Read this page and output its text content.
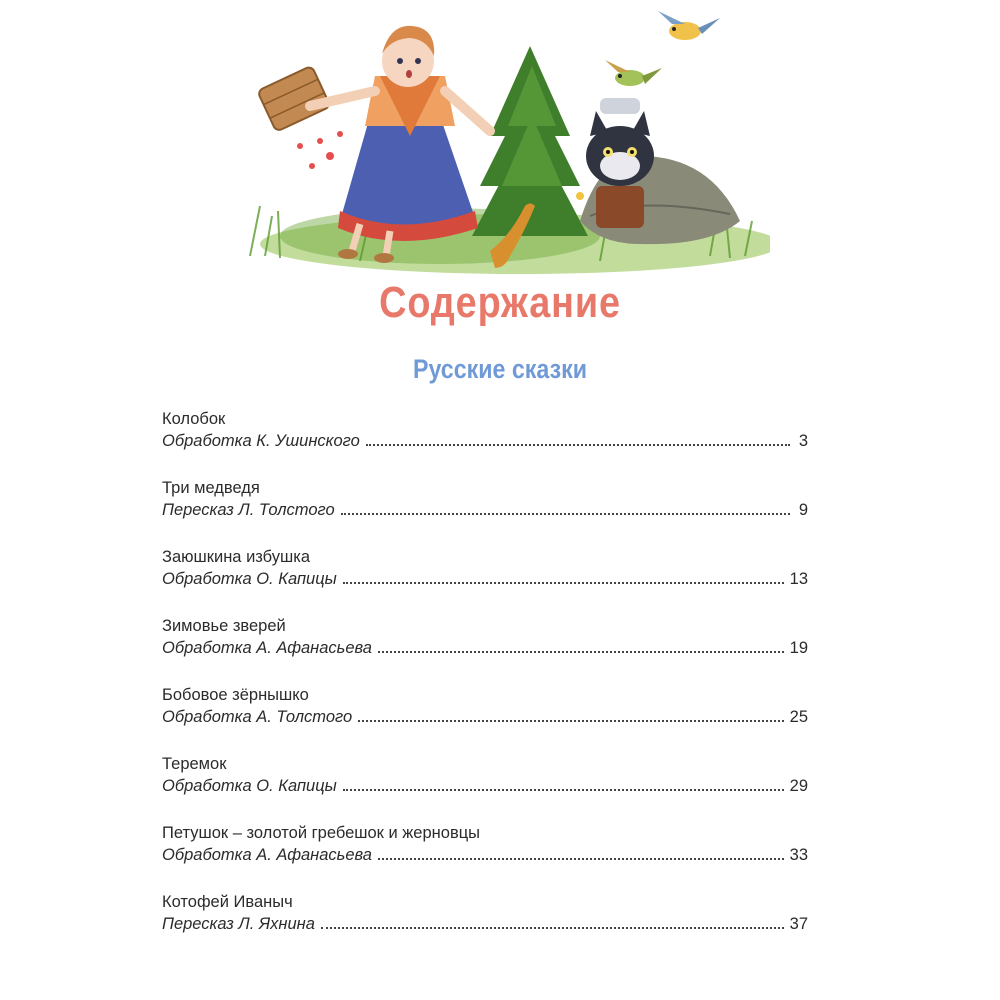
Содержание
Русские сказки
Колобок
Обработка К. Ушинского	3
Три медведя
Пересказ Л. Толстого	9
Заюшкина избушка
Обработка О. Капицы	13
Зимовье зверей
Обработка А. Афанасьева	19
Бобовое зёрнышко
Обработка А. Толстого	25
Теремок
Обработка О. Капицы	29
Петушок – золотой гребешок и жерновцы
Обработка А. Афанасьева	33
Котофей Иваныч
Пересказ Л. Яхнина	37
